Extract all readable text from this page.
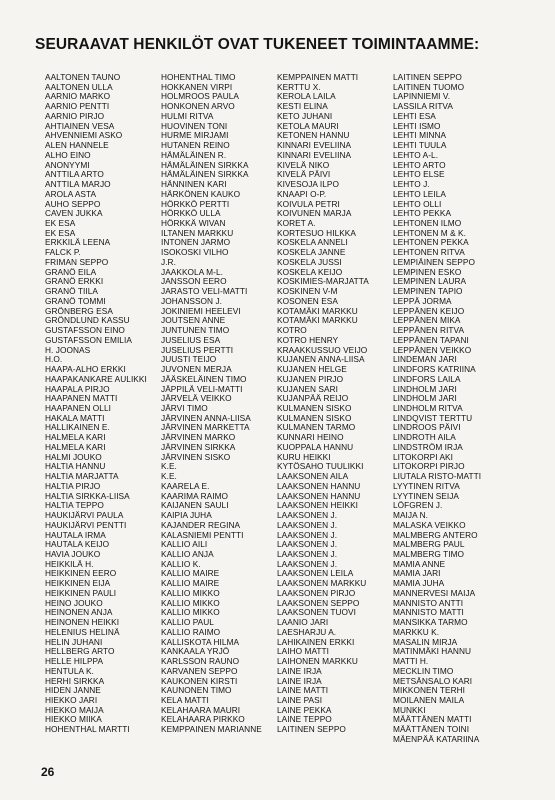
SEURAAVAT HENKILÖT OVAT TUKENEET TOIMINTAAMME:
AALTONEN TAUNO
AALTONEN ULLA
AARNIO MARKO
AARNIO PENTTI
AARNIO PIRJO
AHTIAINEN VESA
AHVENNIEMI ASKO
ALEN HANNELE
ALHO EINO
ANONYYMI
ANTTILA ARTO
ANTTILA MARJO
AROLA ASTA
AUHO SEPPO
CAVEN JUKKA
EK ESA
EK ESA
ERKKILÄ LEENA
FALCK P.
FRIMAN SEPPO
GRANÖ EILA
GRANÖ ERKKI
GRANÖ TIILA
GRANÖ TOMMI
GRÖNBERG ESA
GRÖNDLUND KASSU
GUSTAFSSON EINO
GUSTAFSSON EMILIA
H. JOONAS
H.O.
HAAPA-ALHO ERKKI
HAAPAKANKARE AULIKKI
HAAPALA PIRJO
HAAPANEN MATTI
HAAPANEN OLLI
HAKALA MATTI
HALLIKAINEN E.
HALMELA KARI
HALMELA KARI
HALMI JOUKO
HALTIA HANNU
HALTIA MARJATTA
HALTIA PIRJO
HALTIA SIRKKA-LIISA
HALTIA TEPPO
HAUKIJÄRVI PAULA
HAUKIJÄRVI PENTTI
HAUTALA IRMA
HAUTALA KEIJO
HAVIA JOUKO
HEIKKILÄ H.
HEIKKINEN EERO
HEIKKINEN EIJA
HEIKKINEN PAULI
HEINO JOUKO
HEINONEN ANJA
HEINONEN HEIKKI
HELENIUS HELINÄ
HELIN JUHANI
HELLBERG ARTO
HELLE HILPPA
HENTULA K.
HERHI SIRKKA
HIDEN JANNE
HIEKKO JARI
HIEKKO MAIJA
HIEKKO MIIKA
HOHENTHAL MARTTI
HOHENTHAL TIMO
HOKKANEN VIRPI
HOLMROOS PAULA
HONKONEN ARVO
HULMI RITVA
HUOVINEN TONI
HURME MIRJAMI
HUTANEN REINO
HÄMÄLÄINEN R.
HÄMÄLÄINEN SIRKKA
HÄMÄLÄINEN SIRKKA
HÄNNINEN KARI
HÄRKÖNEN KAUKO
HÖRKKÖ PERTTI
HÖRKKÖ ULLA
HÖRKKÄ WIVAN
ILTANEN MARKKU
INTONEN JARMO
ISOKOSKI VILHO
J.R.
JAAKKOLA M-L.
JANSSON EERO
JARASTO VELI-MATTI
JOHANSSON J.
JOKINIEMI HEELEVI
JOUTSEN ANNE
JUNTUNEN TIMO
JUSELIUS ESA
JUSELIUS PERTTI
JUUSTI TEIJO
JUVONEN MERJA
JÄÄSKELÄINEN TIMO
JÄPPILÄ VELI-MATTI
JÄRVELÄ VEIKKO
JÄRVI TIMO
JÄRVINEN ANNA-LIISA
JÄRVINEN MARKETTA
JÄRVINEN MARKO
JÄRVINEN SIRKKA
JÄRVINEN SISKO
K.E.
K.E.
KAARELA E.
KAARIMA RAIMO
KAIJANEN SAULI
KAIPIA JUHA
KAJANDER REGINA
KALASNIEMI PENTTI
KALLIO AILI
KALLIO ANJA
KALLIO K.
KALLIO MAIRE
KALLIO MAIRE
KALLIO MIKKO
KALLIO MIKKO
KALLIO MIKKO
KALLIO PAUL
KALLIO RAIMO
KALLISKOTA HILMA
KANKAALA YRJÖ
KARLSSON RAUNO
KARVANEN SEPPO
KAUKONEN KIRSTI
KAUNONEN TIMO
KELA MATTI
KELAHAARA MAURI
KELAHAARA PIRKKO
KEMPPAINEN MARIANNE
KEMPPAINEN MATTI
KERTTU X.
KEROLA LAILA
KESTI ELINA
KETO JUHANI
KETOLA MAURI
KETONEN HANNU
KINNARI EVELIINA
KINNARI EVELIINA
KIVELÄ NIKO
KIVELÄ PÄIVI
KIVESOJA ILPO
KNAAPI O-P.
KOIVULA PETRI
KOIVUNEN MARJA
KORET A.
KORTESUO HILKKA
KOSKELA ANNELI
KOSKELA JANNE
KOSKELA JUSSI
KOSKELA KEIJO
KOSKIMIES-MARJATTA
KOSKINEN V-M
KOSONEN ESA
KOTAMÄKI MARKKU
KOTAMÄKI MARKKU
KOTRO
KOTRO HENRY
KRAAKKUSSUO VEIJO
KUJANEN ANNA-LIISA
KUJANEN HELGE
KUJANEN PIRJO
KUJANEN SARI
KUJANPÄÄ REIJO
KULMANEN SISKO
KULMANEN SISKO
KULMANEN TARMO
KUNNARI HEINO
KUOPPALA HANNU
KURU HEIKKI
KYTÖSAHO TUULIKKI
LAAKSONEN AILA
LAAKSONEN HANNU
LAAKSONEN HANNU
LAAKSONEN HEIKKI
LAAKSONEN J.
LAAKSONEN J.
LAAKSONEN J.
LAAKSONEN J.
LAAKSONEN J.
LAAKSONEN J.
LAAKSONEN LEILA
LAAKSONEN MARKKU
LAAKSONEN PIRJO
LAAKSONEN SEPPO
LAAKSONEN TUOVI
LAANIO JARI
LAESHARJU A.
LAHIKAINEN ERKKI
LAIHO MATTI
LAIHONEN MARKKU
LAINE IRJA
LAINE IRJA
LAINE MATTI
LAINE PASI
LAINE PEKKA
LAINE TEPPO
LAITINEN SEPPO
LAITINEN SEPPO
LAITINEN TUOMO
LAPINNIEMI V.
LASSILA RITVA
LEHTI ESA
LEHTI ISMO
LEHTI MINNA
LEHTI TUULA
LEHTO A-L.
LEHTO ARTO
LEHTO ELSE
LEHTO J.
LEHTO LEILA
LEHTO OLLI
LEHTO PEKKA
LEHTONEN ILMO
LEHTONEN M & K.
LEHTONEN PEKKA
LEHTONEN RITVA
LEMPIÄINEN SEPPO
LEMPINEN ESKO
LEMPINEN LAURA
LEMPINEN TAPIO
LEPPÄ JORMA
LEPPÄNEN KEIJO
LEPPÄNEN MIKA
LEPPÄNEN RITVA
LEPPÄNEN TAPANI
LEPPÄNEN VEIKKO
LINDEMAN JARI
LINDFORS KATRIINA
LINDFORS LAILA
LINDHOLM JARI
LINDHOLM JARI
LINDHOLM RITVA
LINDQVIST TERTTU
LINDROOS PÄIVI
LINDROTH AILA
LINDSTRÖM IRJA
LITOKORPI AKI
LITOKORPI PIRJO
LIUTALA RISTO-MATTI
LYYTINEN RITVA
LYYTINEN SEIJA
LÖFGREN J.
MAIJA N.
MALASKA VEIKKO
MALMBERG ANTERO
MALMBERG PAUL
MALMBERG TIMO
MAMIA ANNE
MAMIA JARI
MAMIA JUHA
MANNERVESI MAIJA
MANNISTO ANTTI
MANNISTO MATTI
MANSIKKA TARMO
MARKKU K.
MASALIN MIRJA
MATINMÄKI HANNU
MATTI H.
MECKLIN TIMO
METSÄNSALO KARI
MIKKONEN TERHI
MOILANEN MAILA
MUNKKI
MÄÄTTÄNEN MATTI
MÄÄTTÄNEN TOINI
MÄENPÄÄ KATARIINA
26
